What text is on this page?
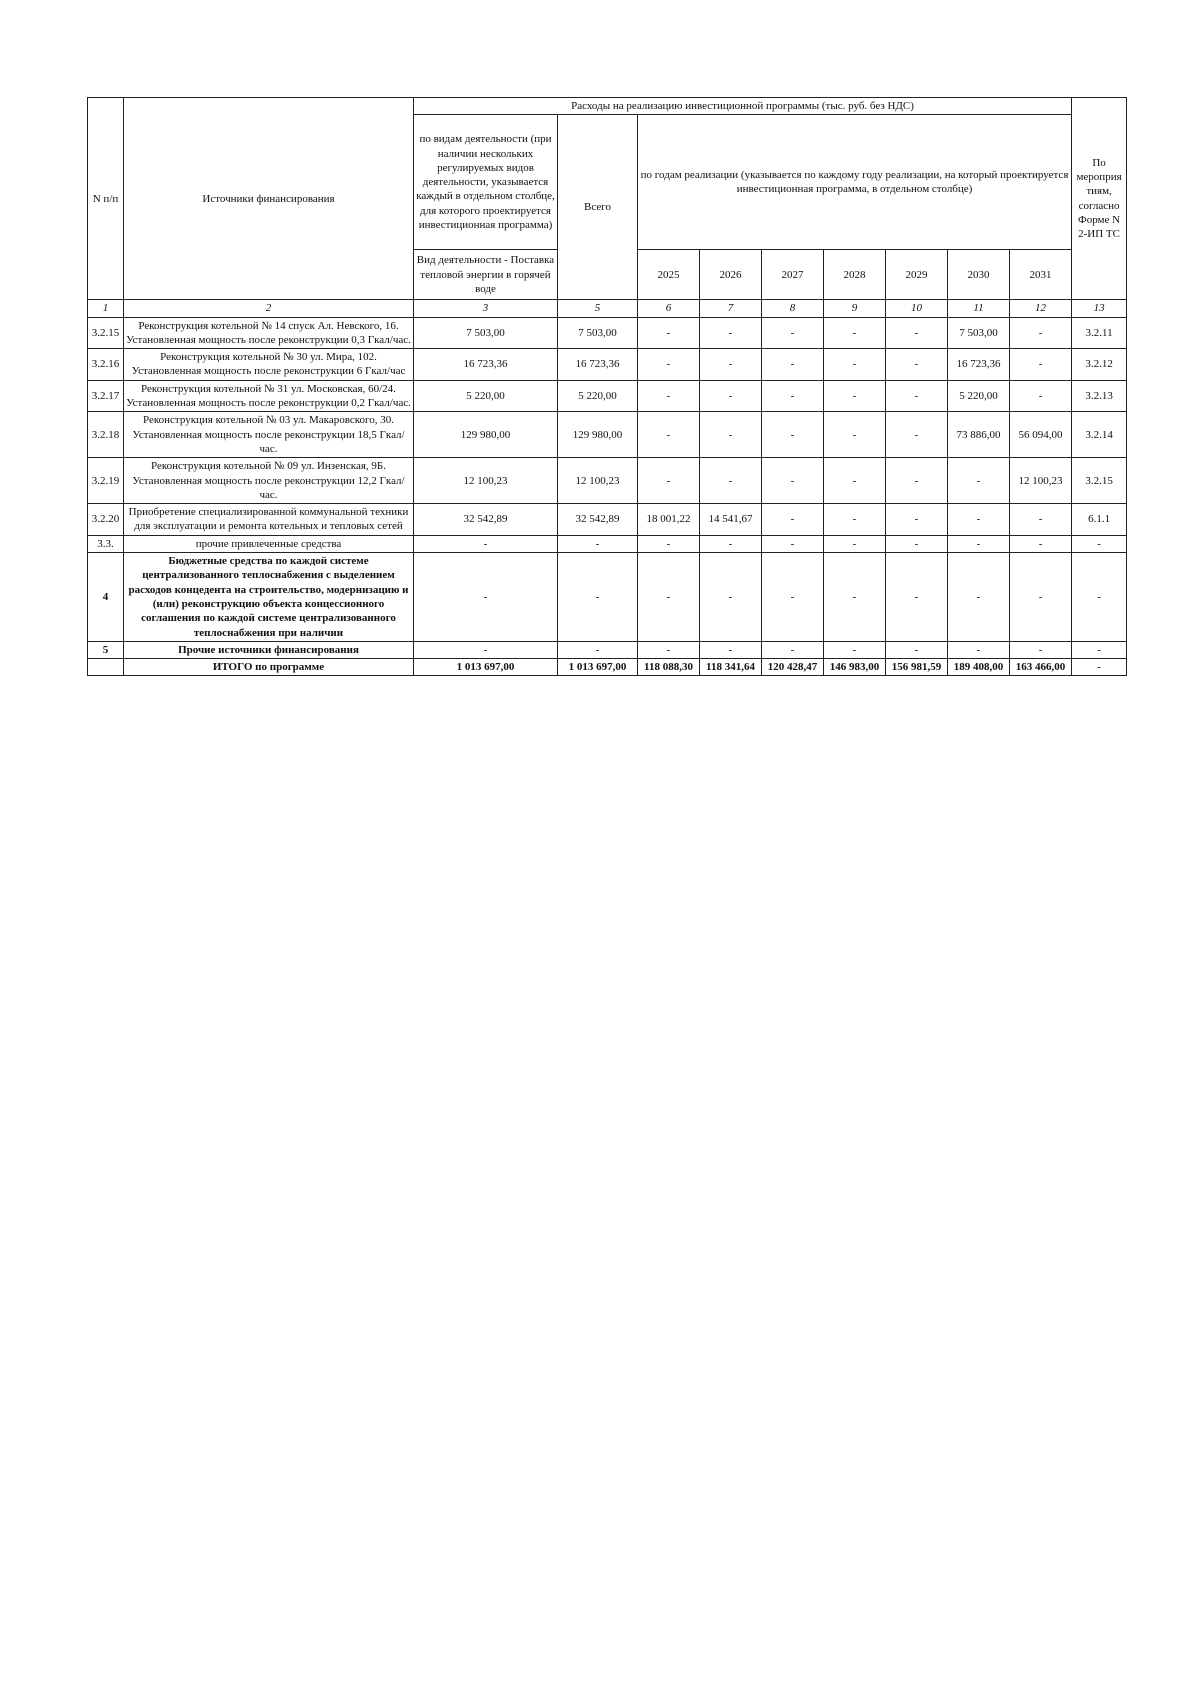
N п/п	Источники финансирования	Расходы на реализацию инвестиционной программы (тыс. руб. без НДС)									По мероприя тиям, согласно Форме N 2-ИП ТС
		по видам деятельности (при наличии нескольких регулируемых видов деятельности, указывается каждый в отдельном столбце, для которого проектируется инвестиционная программа)	Всего	по годам реализации (указывается по каждому году реализации, на который проектируется инвестиционная программа, в отдельном столбце)							
		Вид деятельности - Поставка тепловой энергии в горячей воде		2025	2026	2027	2028	2029	2030	2031	
1	2	3	5	6	7	8	9	10	11	12	13
3.2.15	Реконструкция котельной № 14 спуск Ал. Невского, 16. Установленная мощность после реконструкции 0,3 Гкал/час.	7 503,00	7 503,00	-	-	-	-	-	7 503,00	-	3.2.11
3.2.16	Реконструкция котельной № 30 ул. Мира, 102. Установленная мощность после реконструкции 6 Гкал/час	16 723,36	16 723,36	-	-	-	-	-	16 723,36	-	3.2.12
3.2.17	Реконструкция котельной № 31 ул. Московская, 60/24. Установленная мощность после реконструкции 0,2 Гкал/час.	5 220,00	5 220,00	-	-	-	-	-	5 220,00	-	3.2.13
3.2.18	Реконструкция котельной № 03 ул. Макаровского, 30. Установленная мощность после реконструкции 18,5 Гкал/час.	129 980,00	129 980,00	-	-	-	-	-	73 886,00	56 094,00	3.2.14
3.2.19	Реконструкция котельной № 09 ул. Инзенская, 9Б. Установленная мощность после реконструкции 12,2 Гкал/час.	12 100,23	12 100,23	-	-	-	-	-	-	12 100,23	3.2.15
3.2.20	Приобретение специализированной коммунальной техники для эксплуатации и ремонта котельных и тепловых сетей	32 542,89	32 542,89	18 001,22	14 541,67	-	-	-	-	-	6.1.1
3.3.	прочие привлеченные средства	-	-	-	-	-	-	-	-	-	-
4	Бюджетные средства по каждой системе централизованного теплоснабжения с выделением расходов концедента на строительство, модернизацию и (или) реконструкцию объекта концессионного соглашения по каждой системе централизованного теплоснабжения при наличии	-	-	-	-	-	-	-	-	-	-
5	Прочие источники финансирования	-	-	-	-	-	-	-	-	-	-
	ИТОГО по программе	1 013 697,00	1 013 697,00	118 088,30	118 341,64	120 428,47	146 983,00	156 981,59	189 408,00	163 466,00	-
